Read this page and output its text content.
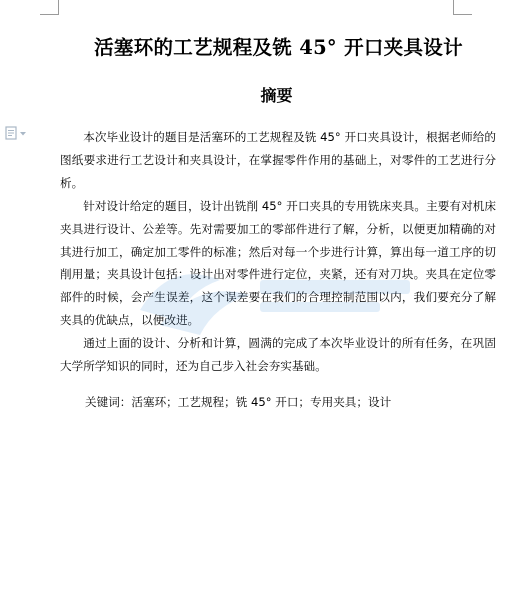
活塞环的工艺规程及铣 45° 开口夹具设计
摘要

本次毕业设计的题目是活塞环的工艺规程及铣 45° 开口夹具设计，根据老师给的图纸要求进行工艺设计和夹具设计，在掌握零件作用的基础上，对零件的工艺进行分析。

针对设计给定的题目，设计出铣削 45° 开口夹具的专用铣床夹具。主要有对机床夹具进行设计、公差等。先对需要加工的零部件进行了解，分析，以便更加精确的对其进行加工，确定加工零件的标准；然后对每一个步进行计算，算出每一道工序的切削用量；夹具设计包括：设计出对零件进行定位，夹紧，还有对刀块。夹具在定位零部件的时候，会产生误差，这个误差要在我们的合理控制范围以内，我们要充分了解夹具的优缺点，以便改进。

通过上面的设计、分析和计算，圆满的完成了本次毕业设计的所有任务，在巩固大学所学知识的同时，还为自己步入社会夯实基础。

关键词：活塞环；工艺规程；铣 45° 开口；专用夹具；设计
